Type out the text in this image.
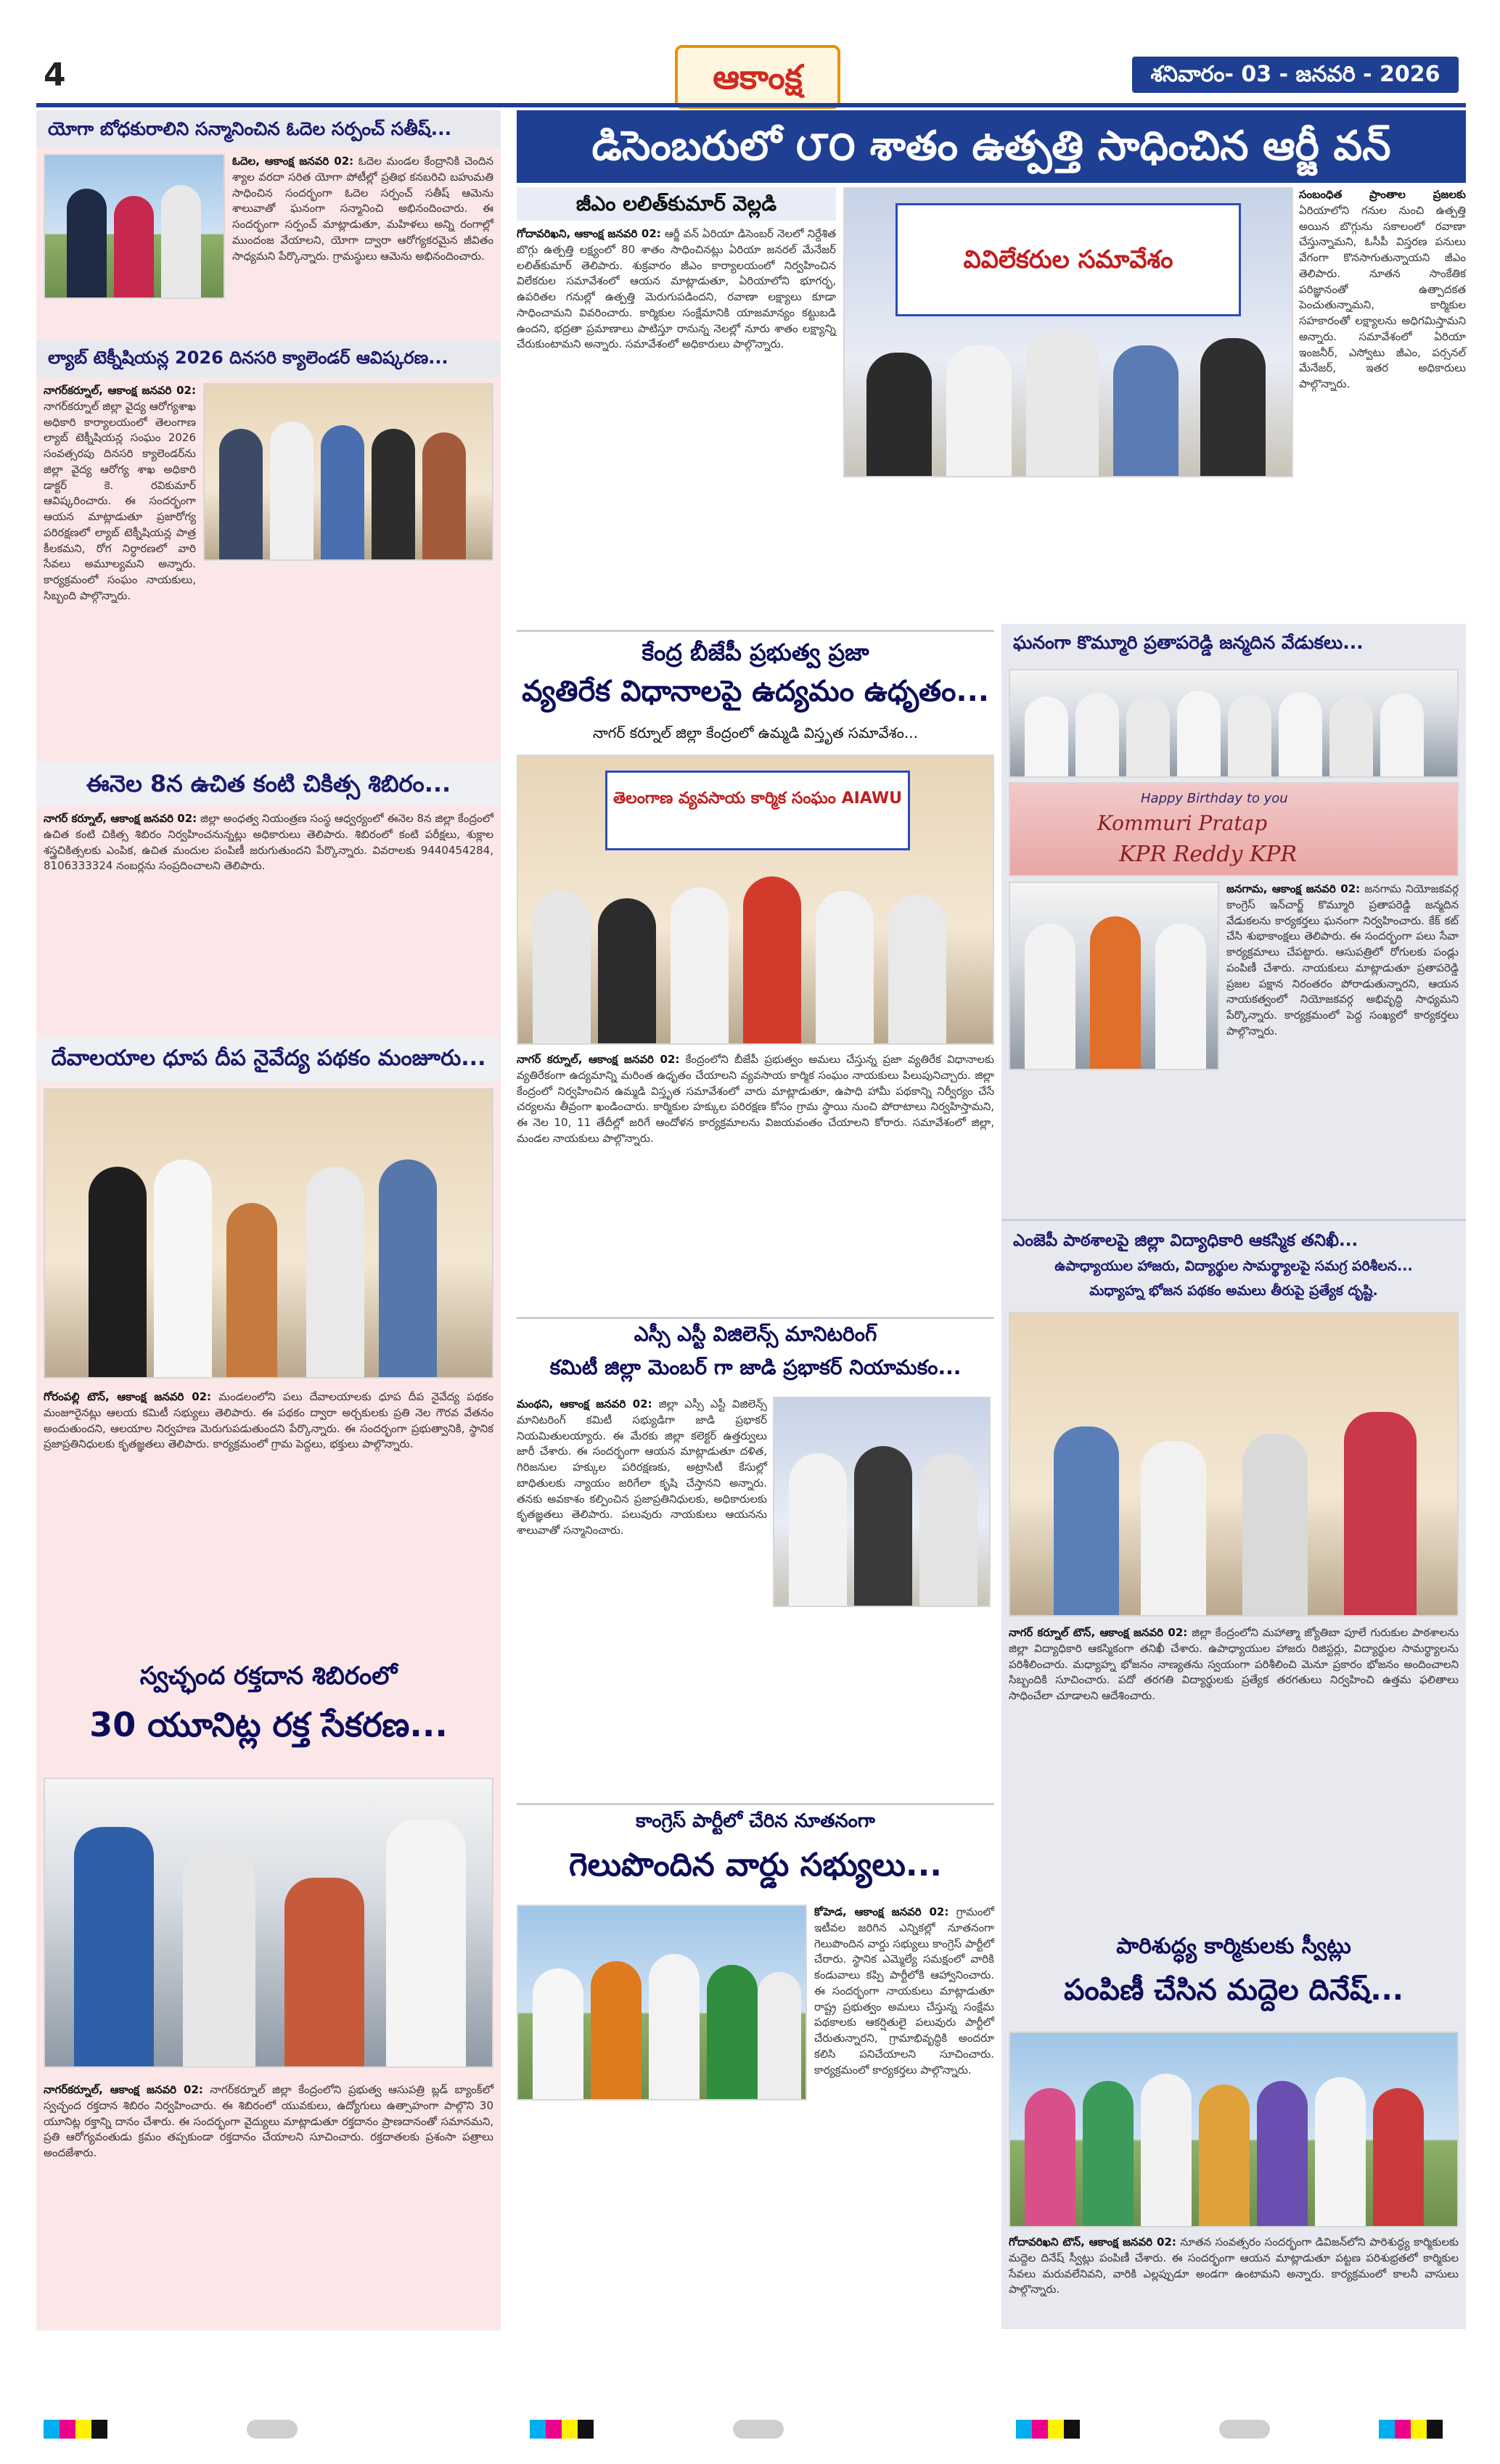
4	ఆకాంక్ష	శనివారం- 03 - జనవరి - 2026
యోగా బోధకురాలిని సన్మానించిన ఓదెల సర్పంచ్ సతీష్...
ఓదెల, ఆకాంక్ష జనవరి 02: ఓదెల మండల కేంద్రానికి చెందిన శ్యాల వరదా సరిత యోగా పోటీల్లో ప్రతిభ కనబరిచి బహుమతి సాధించిన సందర్భంగా ఓదెల సర్పంచ్ సతీష్ ఆమెను శాలువాతో ఘనంగా సన్మానించి అభినందించారు. ఈ సందర్భంగా సర్పంచ్ మాట్లాడుతూ, మహిళలు అన్ని రంగాల్లో ముందంజ వేయాలని, యోగా ద్వారా ఆరోగ్యకరమైన జీవితం సాధ్యమని పేర్కొన్నారు. గ్రామస్థులు ఆమెను అభినందించారు.
ల్యాబ్ టెక్నీషియన్ల 2026 దినసరి క్యాలెండర్ ఆవిష్కరణ...
నాగర్‌కర్నూల్, ఆకాంక్ష జనవరి 02: నాగర్‌కర్నూల్ జిల్లా వైద్య ఆరోగ్యశాఖ అధికారి కార్యాలయంలో తెలంగాణ ల్యాబ్ టెక్నీషియన్ల సంఘం 2026 సంవత్సరపు దినసరి క్యాలెండర్‌ను జిల్లా వైద్య ఆరోగ్య శాఖ అధికారి డాక్టర్ కె. రవికుమార్ ఆవిష్కరించారు. ఈ సందర్భంగా ఆయన మాట్లాడుతూ ప్రజారోగ్య పరిరక్షణలో ల్యాబ్ టెక్నీషియన్ల పాత్ర కీలకమని, రోగ నిర్ధారణలో వారి సేవలు అమూల్యమని అన్నారు. కార్యక్రమంలో సంఘం నాయకులు, సిబ్బంది పాల్గొన్నారు.
ఈనెల 8న ఉచిత కంటి చికిత్స శిబిరం...
నాగర్ కర్నూల్, ఆకాంక్ష జనవరి 02: జిల్లా అంధత్వ నియంత్రణ సంస్థ ఆధ్వర్యంలో ఈనెల 8న జిల్లా కేంద్రంలో ఉచిత కంటి చికిత్స శిబిరం నిర్వహించనున్నట్లు అధికారులు తెలిపారు. శిబిరంలో కంటి పరీక్షలు, శుక్లాల శస్త్రచికిత్సలకు ఎంపిక, ఉచిత మందుల పంపిణీ జరుగుతుందని పేర్కొన్నారు. వివరాలకు 9440454284, 8106333324 నంబర్లను సంప్రదించాలని తెలిపారు.
దేవాలయాల ధూప దీప నైవేద్య పథకం మంజూరు...
గోరంపల్లి టౌన్, ఆకాంక్ష జనవరి 02: మండలంలోని పలు దేవాలయాలకు ధూప దీప నైవేద్య పథకం మంజూరైనట్లు ఆలయ కమిటీ సభ్యులు తెలిపారు. ఈ పథకం ద్వారా అర్చకులకు ప్రతి నెల గౌరవ వేతనం అందుతుందని, ఆలయాల నిర్వహణ మెరుగుపడుతుందని పేర్కొన్నారు. ఈ సందర్భంగా ప్రభుత్వానికి, స్థానిక ప్రజాప్రతినిధులకు కృతజ్ఞతలు తెలిపారు. కార్యక్రమంలో గ్రామ పెద్దలు, భక్తులు పాల్గొన్నారు.
స్వచ్ఛంద రక్తదాన శిబిరంలో
30 యూనిట్ల రక్త సేకరణ...
నాగర్‌కర్నూల్, ఆకాంక్ష జనవరి 02: నాగర్‌కర్నూల్ జిల్లా కేంద్రంలోని ప్రభుత్వ ఆసుపత్రి బ్లడ్ బ్యాంక్‌లో స్వచ్ఛంద రక్తదాన శిబిరం నిర్వహించారు. ఈ శిబిరంలో యువకులు, ఉద్యోగులు ఉత్సాహంగా పాల్గొని 30 యూనిట్ల రక్తాన్ని దానం చేశారు. ఈ సందర్భంగా వైద్యులు మాట్లాడుతూ రక్తదానం ప్రాణదానంతో సమానమని, ప్రతి ఆరోగ్యవంతుడు క్రమం తప్పకుండా రక్తదానం చేయాలని సూచించారు. రక్తదాతలకు ప్రశంసా పత్రాలు అందజేశారు.
డిసెంబరులో ౮౦ శాతం ఉత్పత్తి సాధించిన ఆర్జీ వన్
జీఎం లలిత్‌కుమార్ వెల్లడి
గోదావరిఖని, ఆకాంక్ష జనవరి 02: ఆర్జీ వన్ ఏరియా డిసెంబర్ నెలలో నిర్దేశిత బొగ్గు ఉత్పత్తి లక్ష్యంలో 80 శాతం సాధించినట్లు ఏరియా జనరల్ మేనేజర్ లలిత్‌కుమార్ తెలిపారు. శుక్రవారం జీఎం కార్యాలయంలో నిర్వహించిన విలేకరుల సమావేశంలో ఆయన మాట్లాడుతూ, ఏరియాలోని భూగర్భ, ఉపరితల గనుల్లో ఉత్పత్తి మెరుగుపడిందని, రవాణా లక్ష్యాలు కూడా సాధించామని వివరించారు. కార్మికుల సంక్షేమానికి యాజమాన్యం కట్టుబడి ఉందని, భద్రతా ప్రమాణాలు పాటిస్తూ రానున్న నెలల్లో నూరు శాతం లక్ష్యాన్ని చేరుకుంటామని అన్నారు. సమావేశంలో అధికారులు పాల్గొన్నారు.
వివిలేకరుల సమావేశం
సంబంధిత ప్రాంతాల ప్రజలకు ఏరియాలోని గనుల నుంచి ఉత్పత్తి అయిన బొగ్గును సకాలంలో రవాణా చేస్తున్నామని, ఓసీపీ విస్తరణ పనులు వేగంగా కొనసాగుతున్నాయని జీఎం తెలిపారు. నూతన సాంకేతిక పరిజ్ఞానంతో ఉత్పాదకత పెంచుతున్నామని, కార్మికుల సహకారంతో లక్ష్యాలను అధిగమిస్తామని అన్నారు. సమావేశంలో ఏరియా ఇంజనీర్, ఎస్వోటు జీఎం, పర్సనల్ మేనేజర్, ఇతర అధికారులు పాల్గొన్నారు.
కేంద్ర బీజేపీ ప్రభుత్వ ప్రజా
వ్యతిరేక విధానాలపై ఉద్యమం ఉధృతం...
నాగర్ కర్నూల్ జిల్లా కేంద్రంలో ఉమ్మడి విస్తృత సమావేశం...
తెలంగాణ వ్యవసాయ కార్మిక సంఘం AIAWU
నాగర్ కర్నూల్, ఆకాంక్ష జనవరి 02: కేంద్రంలోని బీజేపీ ప్రభుత్వం అమలు చేస్తున్న ప్రజా వ్యతిరేక విధానాలకు వ్యతిరేకంగా ఉద్యమాన్ని మరింత ఉధృతం చేయాలని వ్యవసాయ కార్మిక సంఘం నాయకులు పిలుపునిచ్చారు. జిల్లా కేంద్రంలో నిర్వహించిన ఉమ్మడి విస్తృత సమావేశంలో వారు మాట్లాడుతూ, ఉపాధి హామీ పథకాన్ని నిర్వీర్యం చేసే చర్యలను తీవ్రంగా ఖండించారు. కార్మికుల హక్కుల పరిరక్షణ కోసం గ్రామ స్థాయి నుంచి పోరాటాలు నిర్వహిస్తామని, ఈ నెల 10, 11 తేదీల్లో జరిగే ఆందోళన కార్యక్రమాలను విజయవంతం చేయాలని కోరారు. సమావేశంలో జిల్లా, మండల నాయకులు పాల్గొన్నారు.
ఎస్సీ ఎస్టీ విజిలెన్స్ మానిటరింగ్
కమిటీ జిల్లా మెంబర్ గా జాడి ప్రభాకర్ నియామకం...
మంథని, ఆకాంక్ష జనవరి 02: జిల్లా ఎస్సీ ఎస్టీ విజిలెన్స్ మానిటరింగ్ కమిటీ సభ్యుడిగా జాడి ప్రభాకర్ నియమితులయ్యారు. ఈ మేరకు జిల్లా కలెక్టర్ ఉత్తర్వులు జారీ చేశారు. ఈ సందర్భంగా ఆయన మాట్లాడుతూ దళిత, గిరిజనుల హక్కుల పరిరక్షణకు, అట్రాసిటీ కేసుల్లో బాధితులకు న్యాయం జరిగేలా కృషి చేస్తానని అన్నారు. తనకు అవకాశం కల్పించిన ప్రజాప్రతినిధులకు, అధికారులకు కృతజ్ఞతలు తెలిపారు. పలువురు నాయకులు ఆయనను శాలువాతో సన్మానించారు.
కాంగ్రెస్ పార్టీలో చేరిన నూతనంగా
గెలుపొందిన వార్డు సభ్యులు...
కోహెడ, ఆకాంక్ష జనవరి 02: గ్రామంలో ఇటీవల జరిగిన ఎన్నికల్లో నూతనంగా గెలుపొందిన వార్డు సభ్యులు కాంగ్రెస్ పార్టీలో చేరారు. స్థానిక ఎమ్మెల్యే సమక్షంలో వారికి కండువాలు కప్పి పార్టీలోకి ఆహ్వానించారు. ఈ సందర్భంగా నాయకులు మాట్లాడుతూ రాష్ట్ర ప్రభుత్వం అమలు చేస్తున్న సంక్షేమ పథకాలకు ఆకర్షితులై పలువురు పార్టీలో చేరుతున్నారని, గ్రామాభివృద్ధికి అందరూ కలిసి పనిచేయాలని సూచించారు. కార్యక్రమంలో కార్యకర్తలు పాల్గొన్నారు.
ఘనంగా కొమ్మూరి ప్రతాపరెడ్డి జన్మదిన వేడుకలు...
Happy Birthday to you
Kommuri Pratap
KPR Reddy KPR
జనగామ, ఆకాంక్ష జనవరి 02: జనగామ నియోజకవర్గ కాంగ్రెస్ ఇన్‌చార్జ్ కొమ్మూరి ప్రతాపరెడ్డి జన్మదిన వేడుకలను కార్యకర్తలు ఘనంగా నిర్వహించారు. కేక్ కట్ చేసి శుభాకాంక్షలు తెలిపారు. ఈ సందర్భంగా పలు సేవా కార్యక్రమాలు చేపట్టారు. ఆసుపత్రిలో రోగులకు పండ్లు పంపిణీ చేశారు. నాయకులు మాట్లాడుతూ ప్రతాపరెడ్డి ప్రజల పక్షాన నిరంతరం పోరాడుతున్నారని, ఆయన నాయకత్వంలో నియోజకవర్గ అభివృద్ధి సాధ్యమని పేర్కొన్నారు. కార్యక్రమంలో పెద్ద సంఖ్యలో కార్యకర్తలు పాల్గొన్నారు.
ఎంజెపీ పాఠశాలపై జిల్లా విద్యాధికారి ఆకస్మిక తనిఖీ...
ఉపాధ్యాయుల హాజరు, విద్యార్థుల సామర్థ్యాలపై సమగ్ర పరిశీలన...
మధ్యాహ్న భోజన పథకం అమలు తీరుపై ప్రత్యేక దృష్టి.
నాగర్ కర్నూల్ టౌన్, ఆకాంక్ష జనవరి 02: జిల్లా కేంద్రంలోని మహాత్మా జ్యోతిబా పూలే గురుకుల పాఠశాలను జిల్లా విద్యాధికారి ఆకస్మికంగా తనిఖీ చేశారు. ఉపాధ్యాయుల హాజరు రిజిస్టర్లు, విద్యార్థుల సామర్థ్యాలను పరిశీలించారు. మధ్యాహ్న భోజనం నాణ్యతను స్వయంగా పరిశీలించి మెనూ ప్రకారం భోజనం అందించాలని సిబ్బందికి సూచించారు. పదో తరగతి విద్యార్థులకు ప్రత్యేక తరగతులు నిర్వహించి ఉత్తమ ఫలితాలు సాధించేలా చూడాలని ఆదేశించారు.
పారిశుద్ధ్య కార్మికులకు స్వీట్లు
పంపిణీ చేసిన మద్దెల దినేష్...
గోదావరిఖని టౌన్, ఆకాంక్ష జనవరి 02: నూతన సంవత్సరం సందర్భంగా డివిజన్‌లోని పారిశుద్ధ్య కార్మికులకు మద్దెల దినేష్ స్వీట్లు పంపిణీ చేశారు. ఈ సందర్భంగా ఆయన మాట్లాడుతూ పట్టణ పరిశుభ్రతలో కార్మికుల సేవలు మరువలేనివని, వారికి ఎల్లప్పుడూ అండగా ఉంటామని అన్నారు. కార్యక్రమంలో కాలనీ వాసులు పాల్గొన్నారు.
